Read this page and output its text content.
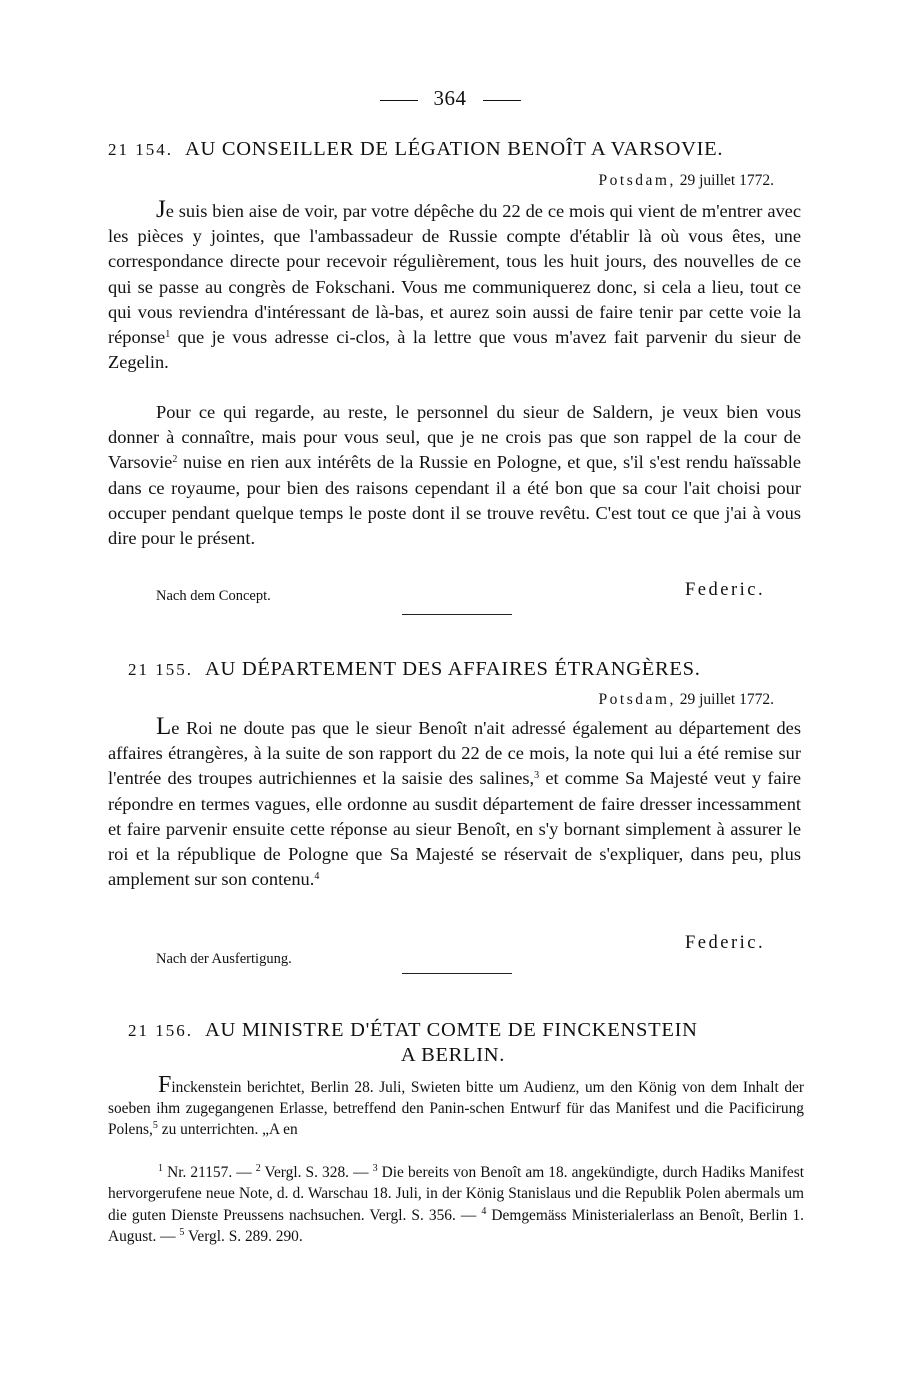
364
21 154. AU CONSEILLER DE LÉGATION BENOÎT A VARSOVIE.
Potsdam, 29 juillet 1772.

Je suis bien aise de voir, par votre dépêche du 22 de ce mois qui vient de m'entrer avec les pièces y jointes, que l'ambassadeur de Russie compte d'établir là où vous êtes, une correspondance directe pour recevoir régulièrement, tous les huit jours, des nouvelles de ce qui se passe au congrès de Fokschani. Vous me communiquerez donc, si cela a lieu, tout ce qui vous reviendra d'intéressant de là-bas, et aurez soin aussi de faire tenir par cette voie la réponse$^1$ que je vous adresse ci-clos, à la lettre que vous m'avez fait parvenir du sieur de Zegelin.

Pour ce qui regarde, au reste, le personnel du sieur de Saldern, je veux bien vous donner à connaître, mais pour vous seul, que je ne crois pas que son rappel de la cour de Varsovie$^2$ nuise en rien aux intérêts de la Russie en Pologne, et que, s'il s'est rendu haïssable dans ce royaume, pour bien des raisons cependant il a été bon que sa cour l'ait choisi pour occuper pendant quelque temps le poste dont il se trouve revêtu. C'est tout ce que j'ai à vous dire pour le présent.

Nach dem Concept.	Federic.
21 155. AU DÉPARTEMENT DES AFFAIRES ÉTRANGÈRES.
Potsdam, 29 juillet 1772.

Le Roi ne doute pas que le sieur Benoît n'ait adressé également au département des affaires étrangères, à la suite de son rapport du 22 de ce mois, la note qui lui a été remise sur l'entrée des troupes autrichiennes et la saisie des salines,$^3$ et comme Sa Majesté veut y faire répondre en termes vagues, elle ordonne au susdit département de faire dresser incessamment et faire parvenir ensuite cette réponse au sieur Benoît, en s'y bornant simplement à assurer le roi et la république de Pologne que Sa Majesté se réservait de s'expliquer, dans peu, plus amplement sur son contenu.$^4$

Nach der Ausfertigung.
Federic.
21 156. AU MINISTRE D'ÉTAT COMTE DE FINCKENSTEIN
A BERLIN.

Finckenstein berichtet, Berlin 28. Juli, Swieten bitte um Audienz, um den König von dem Inhalt der soeben ihm zugegangenen Erlasse, betreffend den Panin-schen Entwurf für das Manifest und die Pacificirung Polens,$^5$ zu unterrichten. „A en

$^1$ Nr. 21157. — $^2$ Vergl. S. 328. — $^3$ Die bereits von Benoît am 18. angekündigte, durch Hadiks Manifest hervorgerufene neue Note, d. d. Warschau 18. Juli, in der König Stanislaus und die Republik Polen abermals um die guten Dienste Preussens nachsuchen. Vergl. S. 356. — $^4$ Demgemäss Ministerialerlass an Benoît, Berlin 1. August. — $^5$ Vergl. S. 289. 290.
